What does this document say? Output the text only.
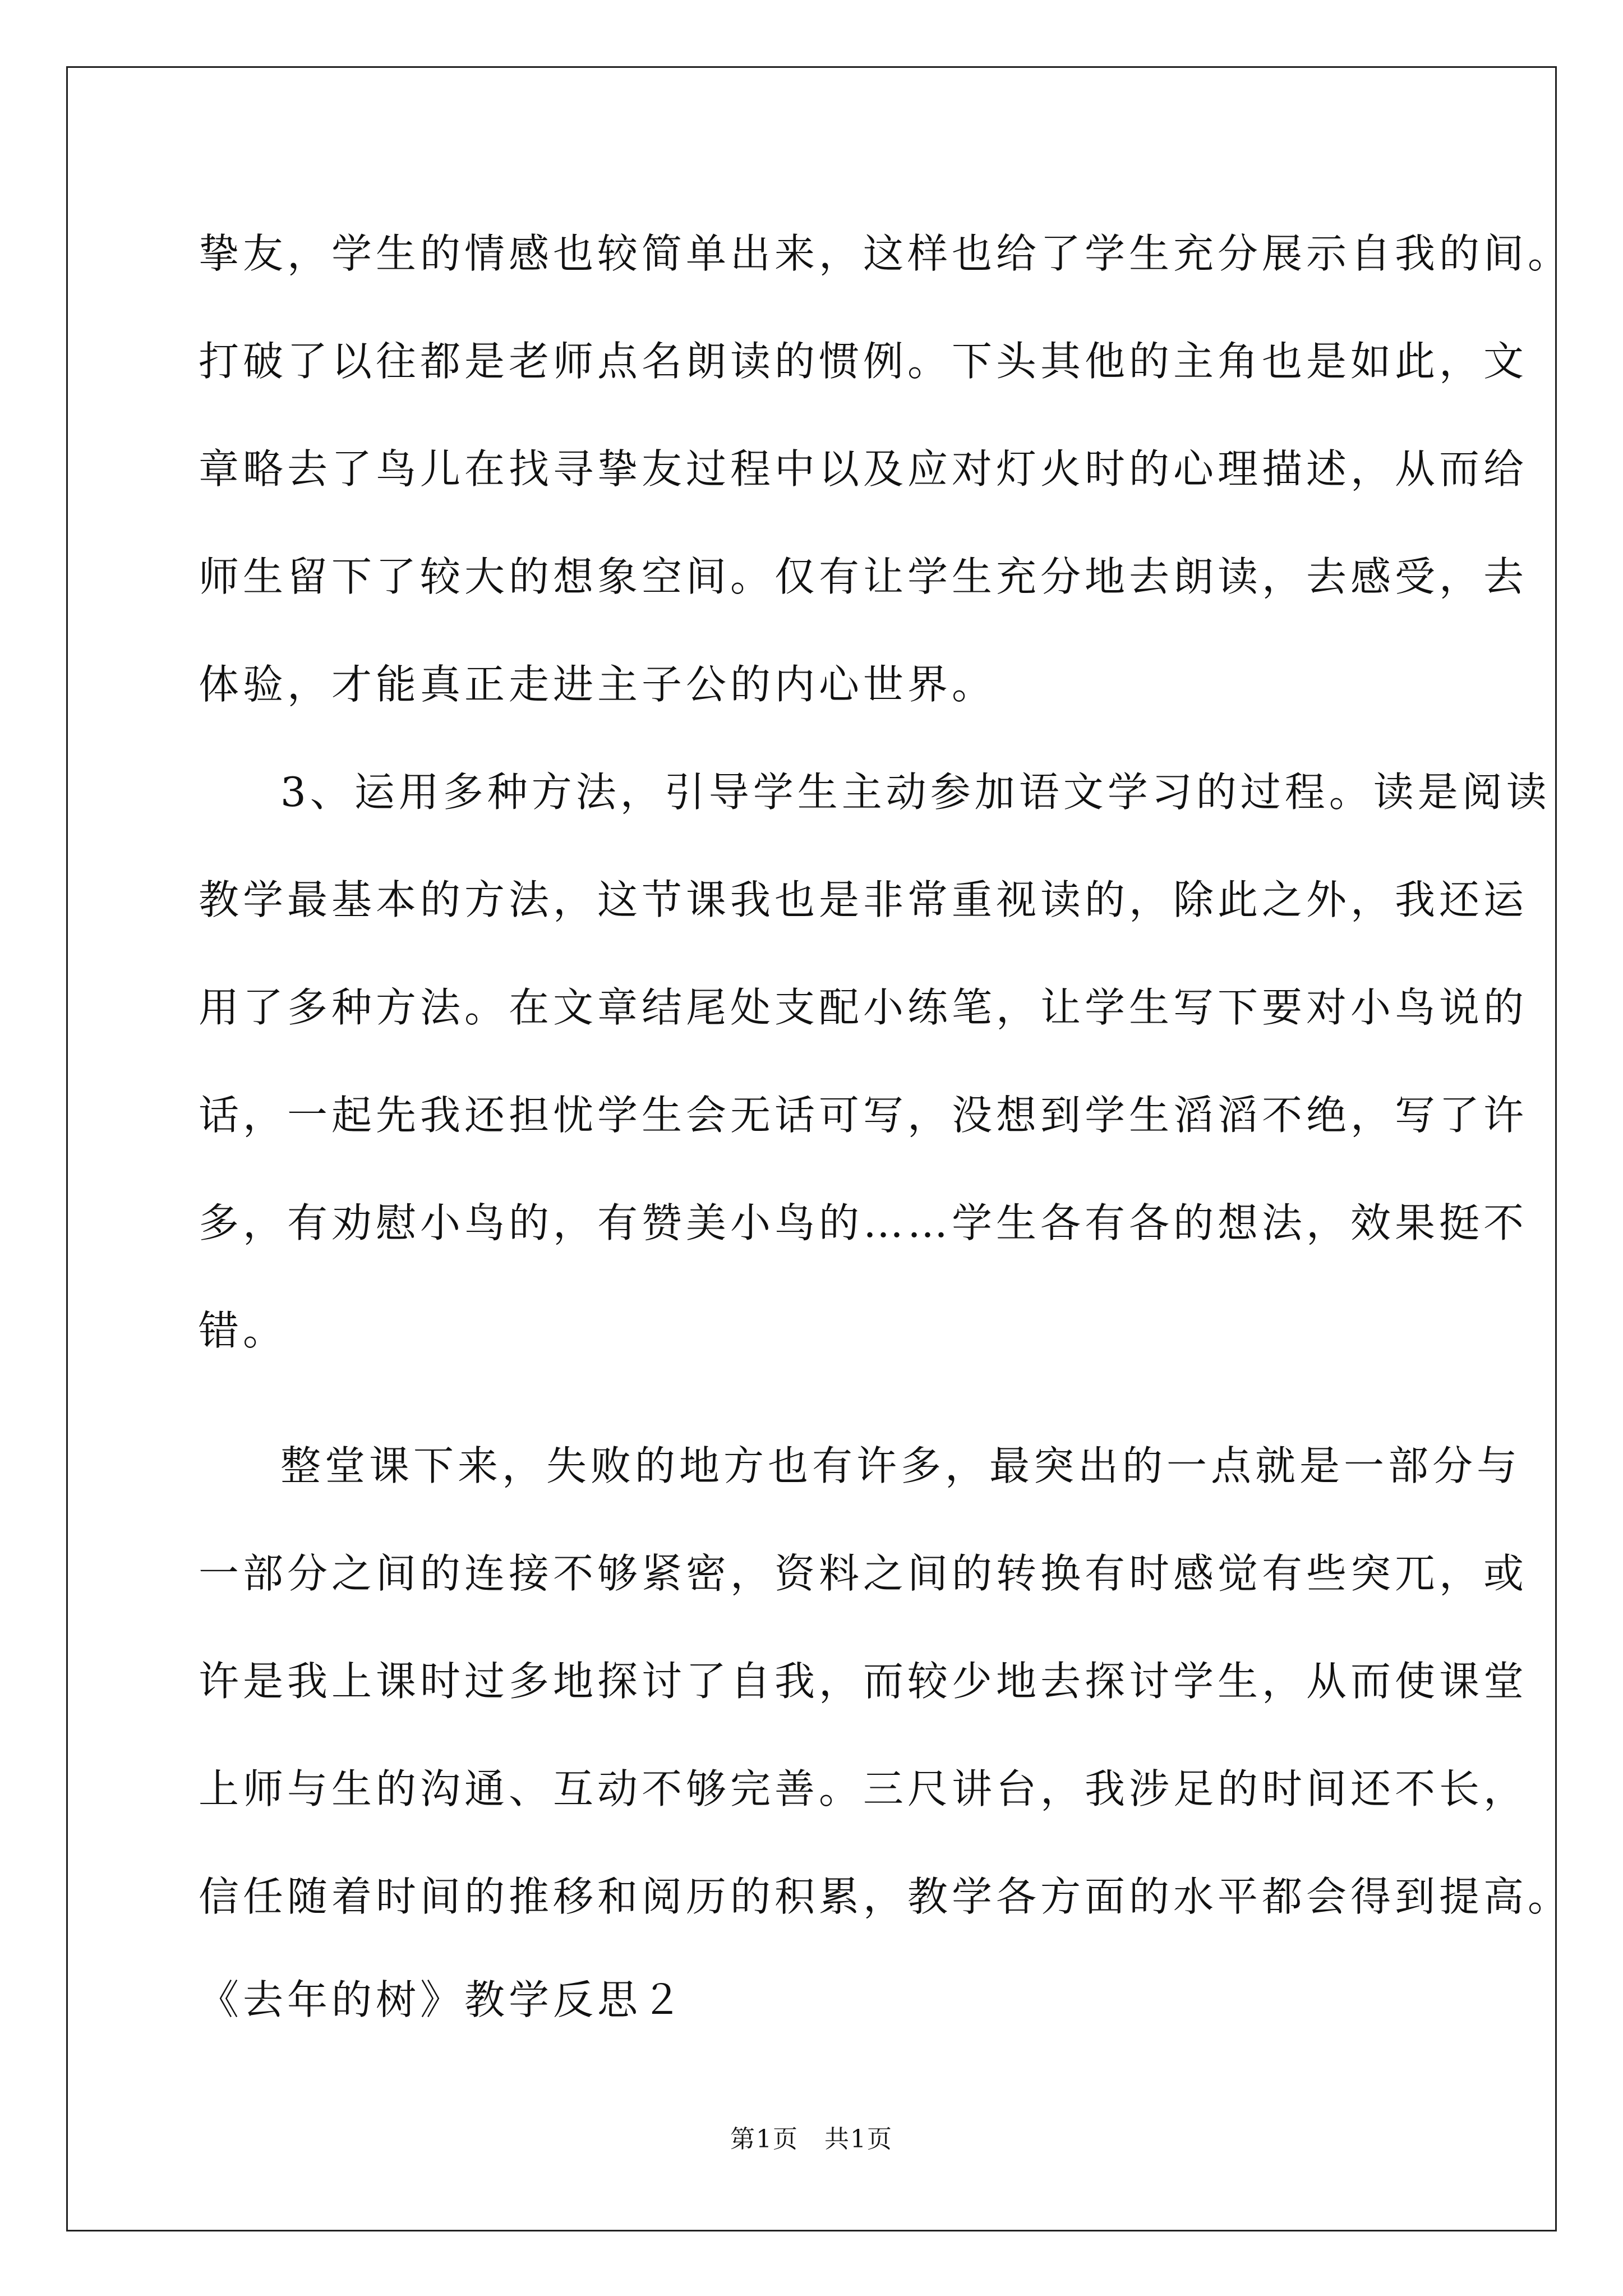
挚友，学生的情感也较简单出来，这样也给了学生充分展示自我的间。
打破了以往都是老师点名朗读的惯例。下头其他的主角也是如此，文
章略去了鸟儿在找寻挚友过程中以及应对灯火时的心理描述，从而给
师生留下了较大的想象空间。仅有让学生充分地去朗读，去感受，去
体验，才能真正走进主子公的内心世界。
3、运用多种方法，引导学生主动参加语文学习的过程。读是阅读
教学最基本的方法，这节课我也是非常重视读的，除此之外，我还运
用了多种方法。在文章结尾处支配小练笔，让学生写下要对小鸟说的
话，一起先我还担忧学生会无话可写，没想到学生滔滔不绝，写了许
多，有劝慰小鸟的，有赞美小鸟的……学生各有各的想法，效果挺不
错。
整堂课下来，失败的地方也有许多，最突出的一点就是一部分与
一部分之间的连接不够紧密，资料之间的转换有时感觉有些突兀，或
许是我上课时过多地探讨了自我，而较少地去探讨学生，从而使课堂
上师与生的沟通、互动不够完善。三尺讲台，我涉足的时间还不长，
信任随着时间的推移和阅历的积累，教学各方面的水平都会得到提高。
《去年的树》教学反思２
第1页　共1页
